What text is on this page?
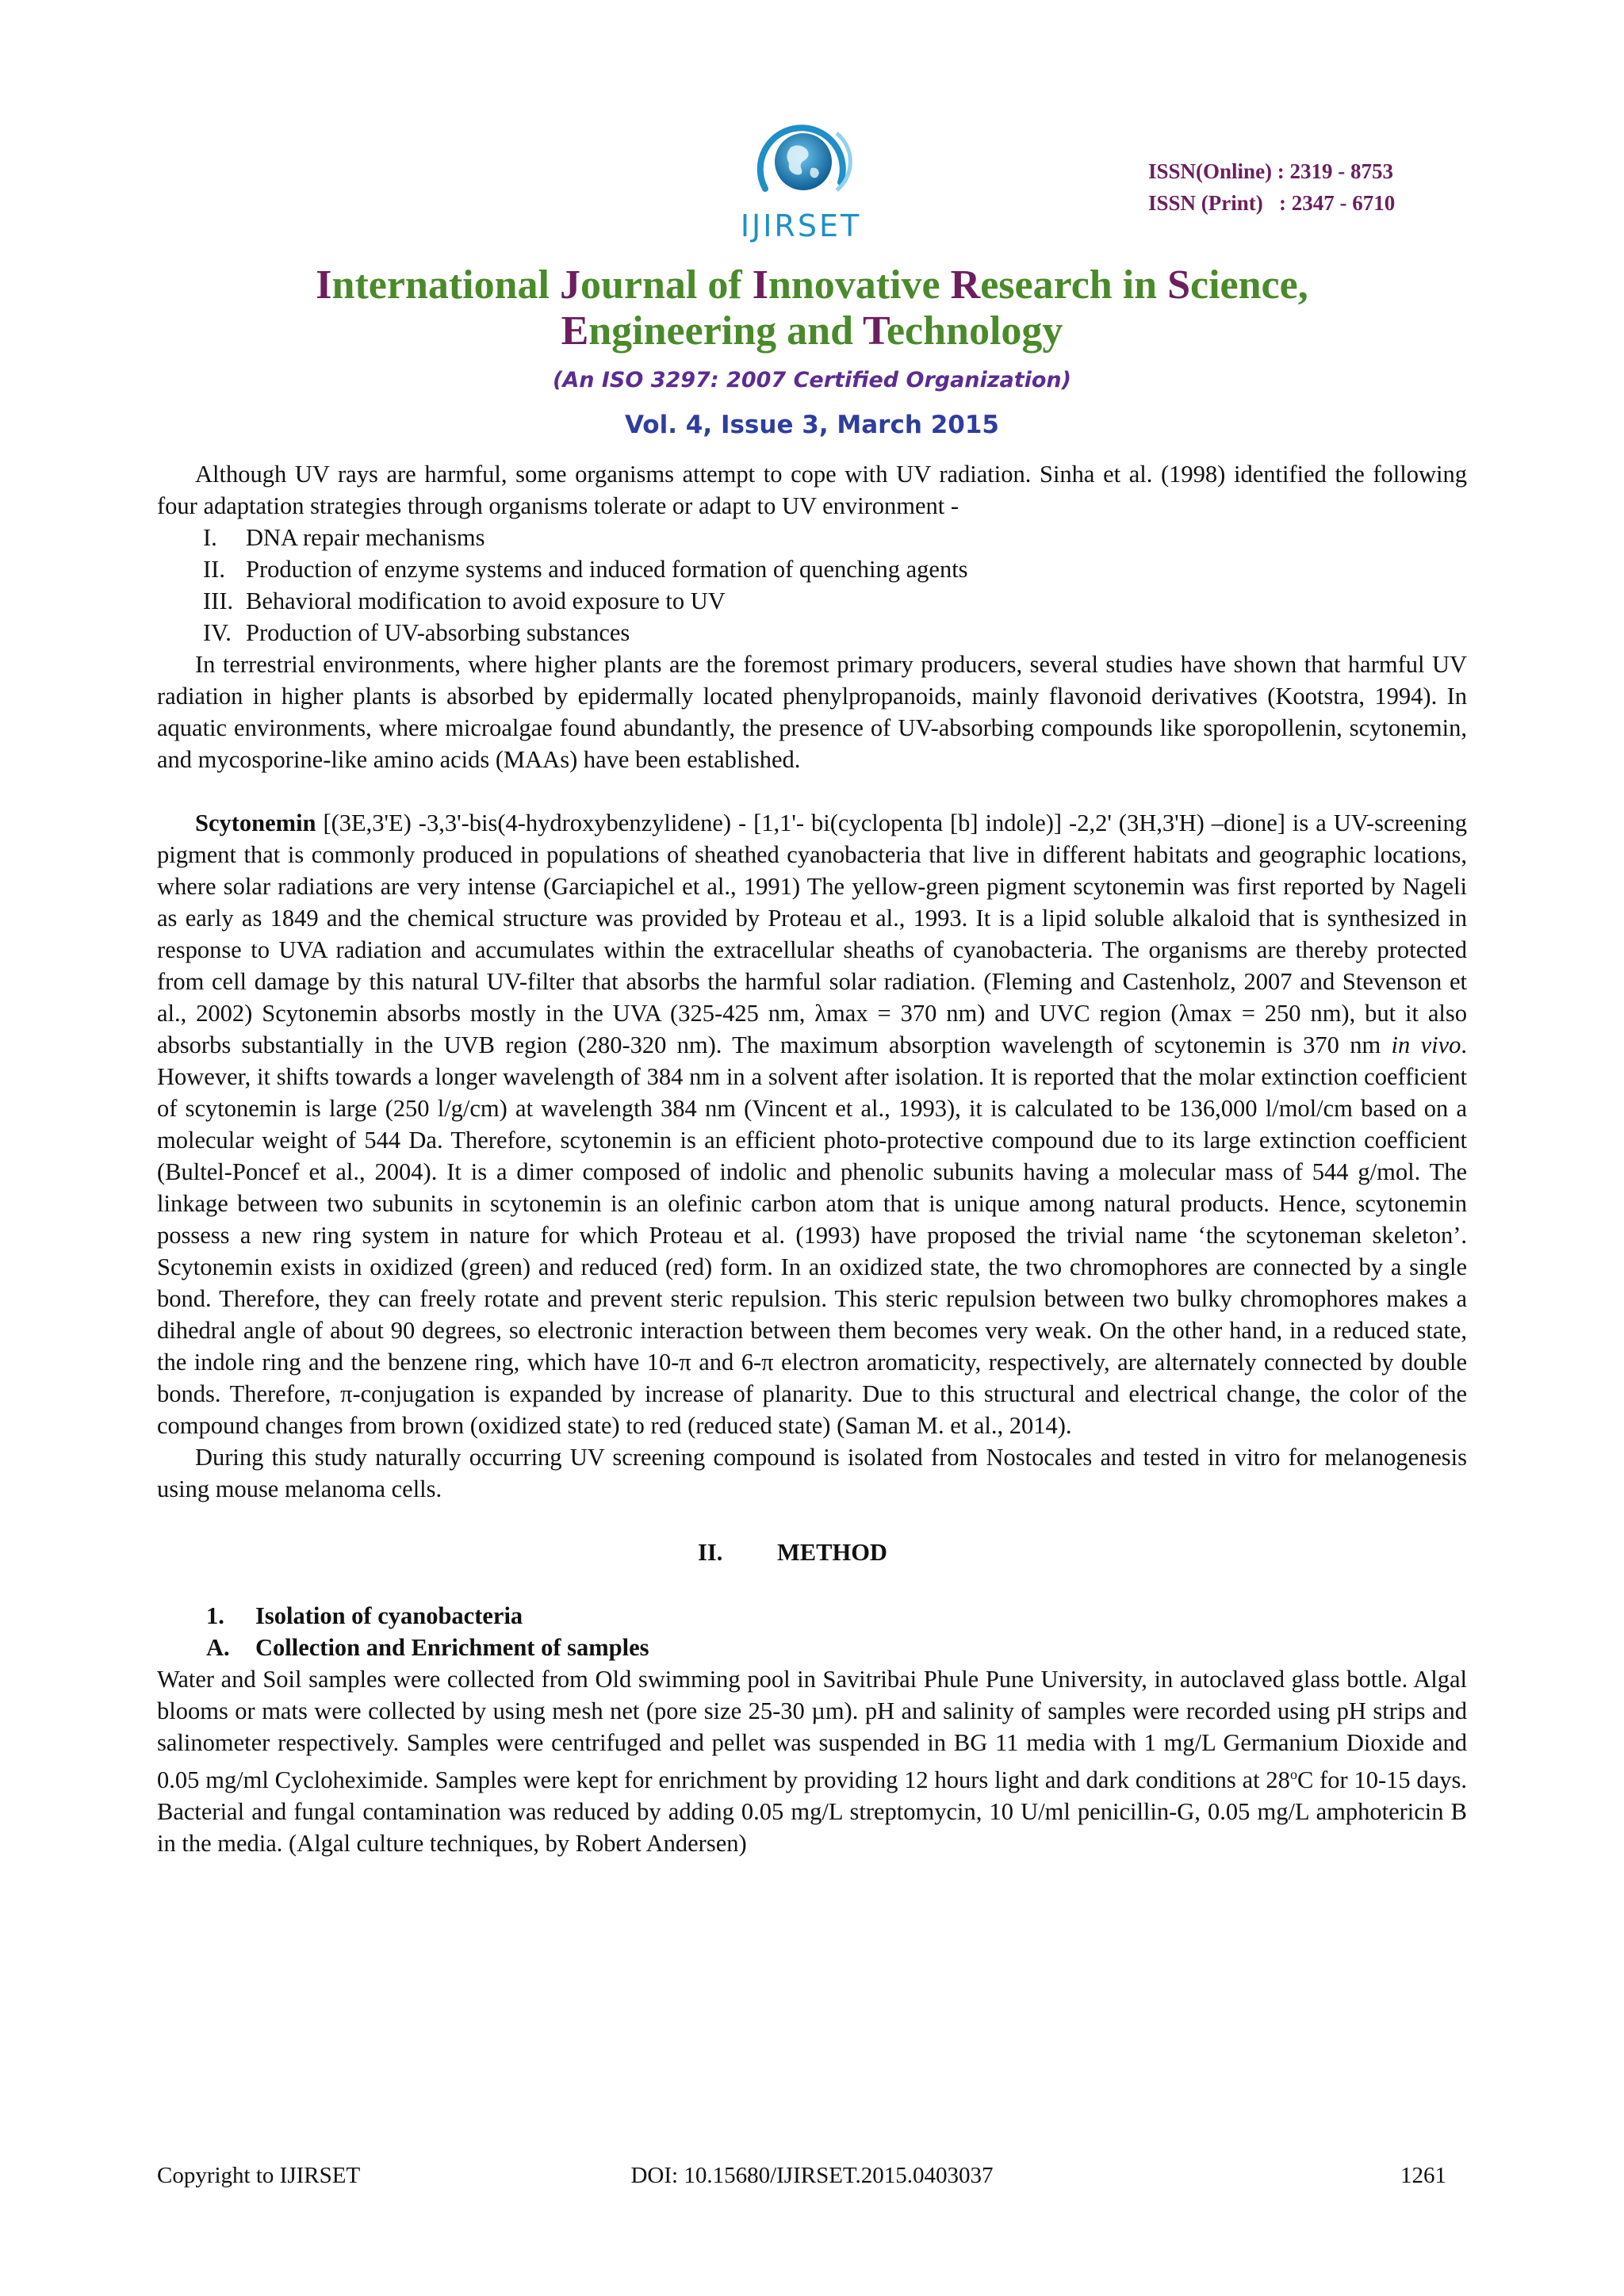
IJIRSET
ISSN(Online) : 2319 - 8753
ISSN (Print)   : 2347 - 6710
International Journal of Innovative Research in Science,
Engineering and Technology
(An ISO 3297: 2007 Certified Organization)
Vol. 4, Issue 3, March 2015

Although UV rays are harmful, some organisms attempt to cope with UV radiation. Sinha et al. (1998) identified the following four adaptation strategies through organisms tolerate or adapt to UV environment -

I. DNA repair mechanisms
II. Production of enzyme systems and induced formation of quenching agents
III. Behavioral modification to avoid exposure to UV
IV. Production of UV-absorbing substances

In terrestrial environments, where higher plants are the foremost primary producers, several studies have shown that harmful UV radiation in higher plants is absorbed by epidermally located phenylpropanoids, mainly flavonoid derivatives (Kootstra, 1994). In aquatic environments, where microalgae found abundantly, the presence of UV-absorbing compounds like sporopollenin, scytonemin, and mycosporine-like amino acids (MAAs) have been established.

Scytonemin [(3E,3'E) -3,3'-bis(4-hydroxybenzylidene) - [1,1'- bi(cyclopenta [b] indole)] -2,2' (3H,3'H) –dione] is a UV-screening pigment that is commonly produced in populations of sheathed cyanobacteria that live in different habitats and geographic locations, where solar radiations are very intense (Garciapichel et al., 1991) The yellow-green pigment scytonemin was first reported by Nageli as early as 1849 and the chemical structure was provided by Proteau et al., 1993. It is a lipid soluble alkaloid that is synthesized in response to UVA radiation and accumulates within the extracellular sheaths of cyanobacteria. The organisms are thereby protected from cell damage by this natural UV-filter that absorbs the harmful solar radiation. (Fleming and Castenholz, 2007 and Stevenson et al., 2002) Scytonemin absorbs mostly in the UVA (325-425 nm, λmax = 370 nm) and UVC region (λmax = 250 nm), but it also absorbs substantially in the UVB region (280-320 nm). The maximum absorption wavelength of scytonemin is 370 nm in vivo. However, it shifts towards a longer wavelength of 384 nm in a solvent after isolation. It is reported that the molar extinction coefficient of scytonemin is large (250 l/g/cm) at wavelength 384 nm (Vincent et al., 1993), it is calculated to be 136,000 l/mol/cm based on a molecular weight of 544 Da. Therefore, scytonemin is an efficient photo-protective compound due to its large extinction coefficient (Bultel-Poncef et al., 2004). It is a dimer composed of indolic and phenolic subunits having a molecular mass of 544 g/mol. The linkage between two subunits in scytonemin is an olefinic carbon atom that is unique among natural products. Hence, scytonemin possess a new ring system in nature for which Proteau et al. (1993) have proposed the trivial name ‘the scytoneman skeleton’. Scytonemin exists in oxidized (green) and reduced (red) form. In an oxidized state, the two chromophores are connected by a single bond. Therefore, they can freely rotate and prevent steric repulsion. This steric repulsion between two bulky chromophores makes a dihedral angle of about 90 degrees, so electronic interaction between them becomes very weak. On the other hand, in a reduced state, the indole ring and the benzene ring, which have 10-π and 6-π electron aromaticity, respectively, are alternately connected by double bonds. Therefore, π-conjugation is expanded by increase of planarity. Due to this structural and electrical change, the color of the compound changes from brown (oxidized state) to red (reduced state) (Saman M. et al., 2014).

During this study naturally occurring UV screening compound is isolated from Nostocales and tested in vitro for melanogenesis using mouse melanoma cells.

II. METHOD

1. Isolation of cyanobacteria

A. Collection and Enrichment of samples

Water and Soil samples were collected from Old swimming pool in Savitribai Phule Pune University, in autoclaved glass bottle. Algal blooms or mats were collected by using mesh net (pore size 25-30 µm). pH and salinity of samples were recorded using pH strips and salinometer respectively. Samples were centrifuged and pellet was suspended in BG 11 media with 1 mg/L Germanium Dioxide and 0.05 mg/ml Cycloheximide. Samples were kept for enrichment by providing 12 hours light and dark conditions at 28$^o$C for 10-15 days. Bacterial and fungal contamination was reduced by adding 0.05 mg/L streptomycin, 10 U/ml penicillin-G, 0.05 mg/L amphotericin B in the media. (Algal culture techniques, by Robert Andersen)

Copyright to IJIRSET	DOI: 10.15680/IJIRSET.2015.0403037	1261
